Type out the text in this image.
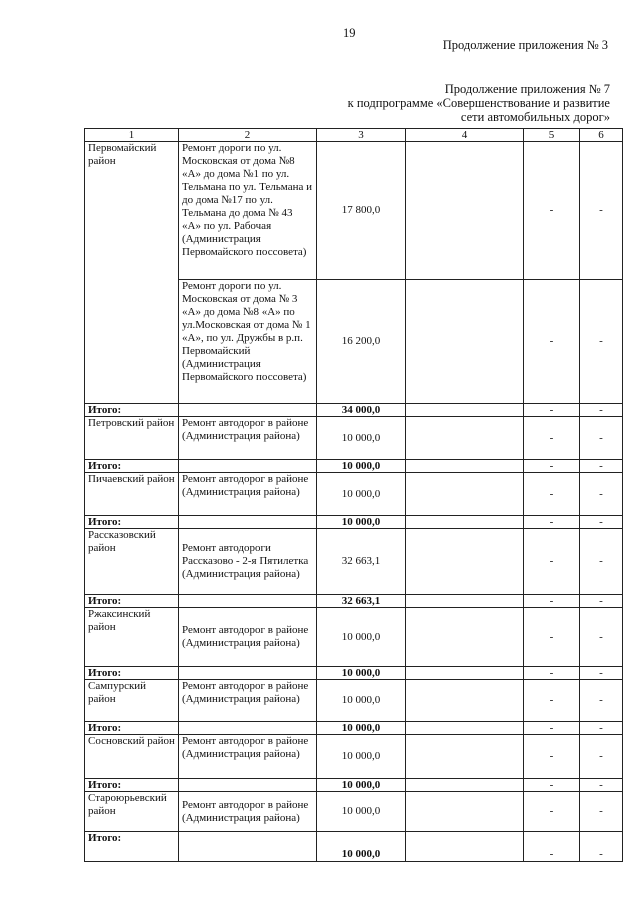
19
Продолжение приложения № 3
Продолжение приложения № 7
к подпрограмме «Совершенствование и развитие
сети автомобильных дорог»
1	2	3	4	5	6
Первомайский район	Ремонт дороги по ул. Московская от дома №8 «А» до дома №1 по ул. Тельмана по ул. Тельмана и до дома №17 по ул. Тельмана до дома № 43 «А» по ул. Рабочая (Администрация Первомайского поссовета)	17 800,0		-	-
	Ремонт дороги по ул. Московская от дома № 3 «А» до дома №8 «А» по ул.Московская от дома № 1 «А», по ул. Дружбы в р.п. Первомайский (Администрация Первомайского поссовета)	16 200,0		-	-
Итого:		34 000,0		-	-
Петровский район	Ремонт автодорог в районе (Администрация района)	10 000,0		-	-
Итого:		10 000,0		-	-
Пичаевский район	Ремонт автодорог в районе (Администрация района)	10 000,0		-	-
Итого:		10 000,0		-	-
Рассказовский район	Ремонт автодороги Рассказово - 2-я Пятилетка (Администрация района)	32 663,1		-	-
Итого:		32 663,1		-	-
Ржаксинский район	Ремонт автодорог в районе (Администрация района)	10 000,0		-	-
Итого:		10 000,0		-	-
Сампурский район	Ремонт автодорог в районе (Администрация района)	10 000,0		-	-
Итого:		10 000,0		-	-
Сосновский район	Ремонт автодорог в районе (Администрация района)	10 000,0		-	-
Итого:		10 000,0		-	-
Староюрьевский район	Ремонт автодорог в районе (Администрация района)	10 000,0		-	-
Итого:		10 000,0		-	-
